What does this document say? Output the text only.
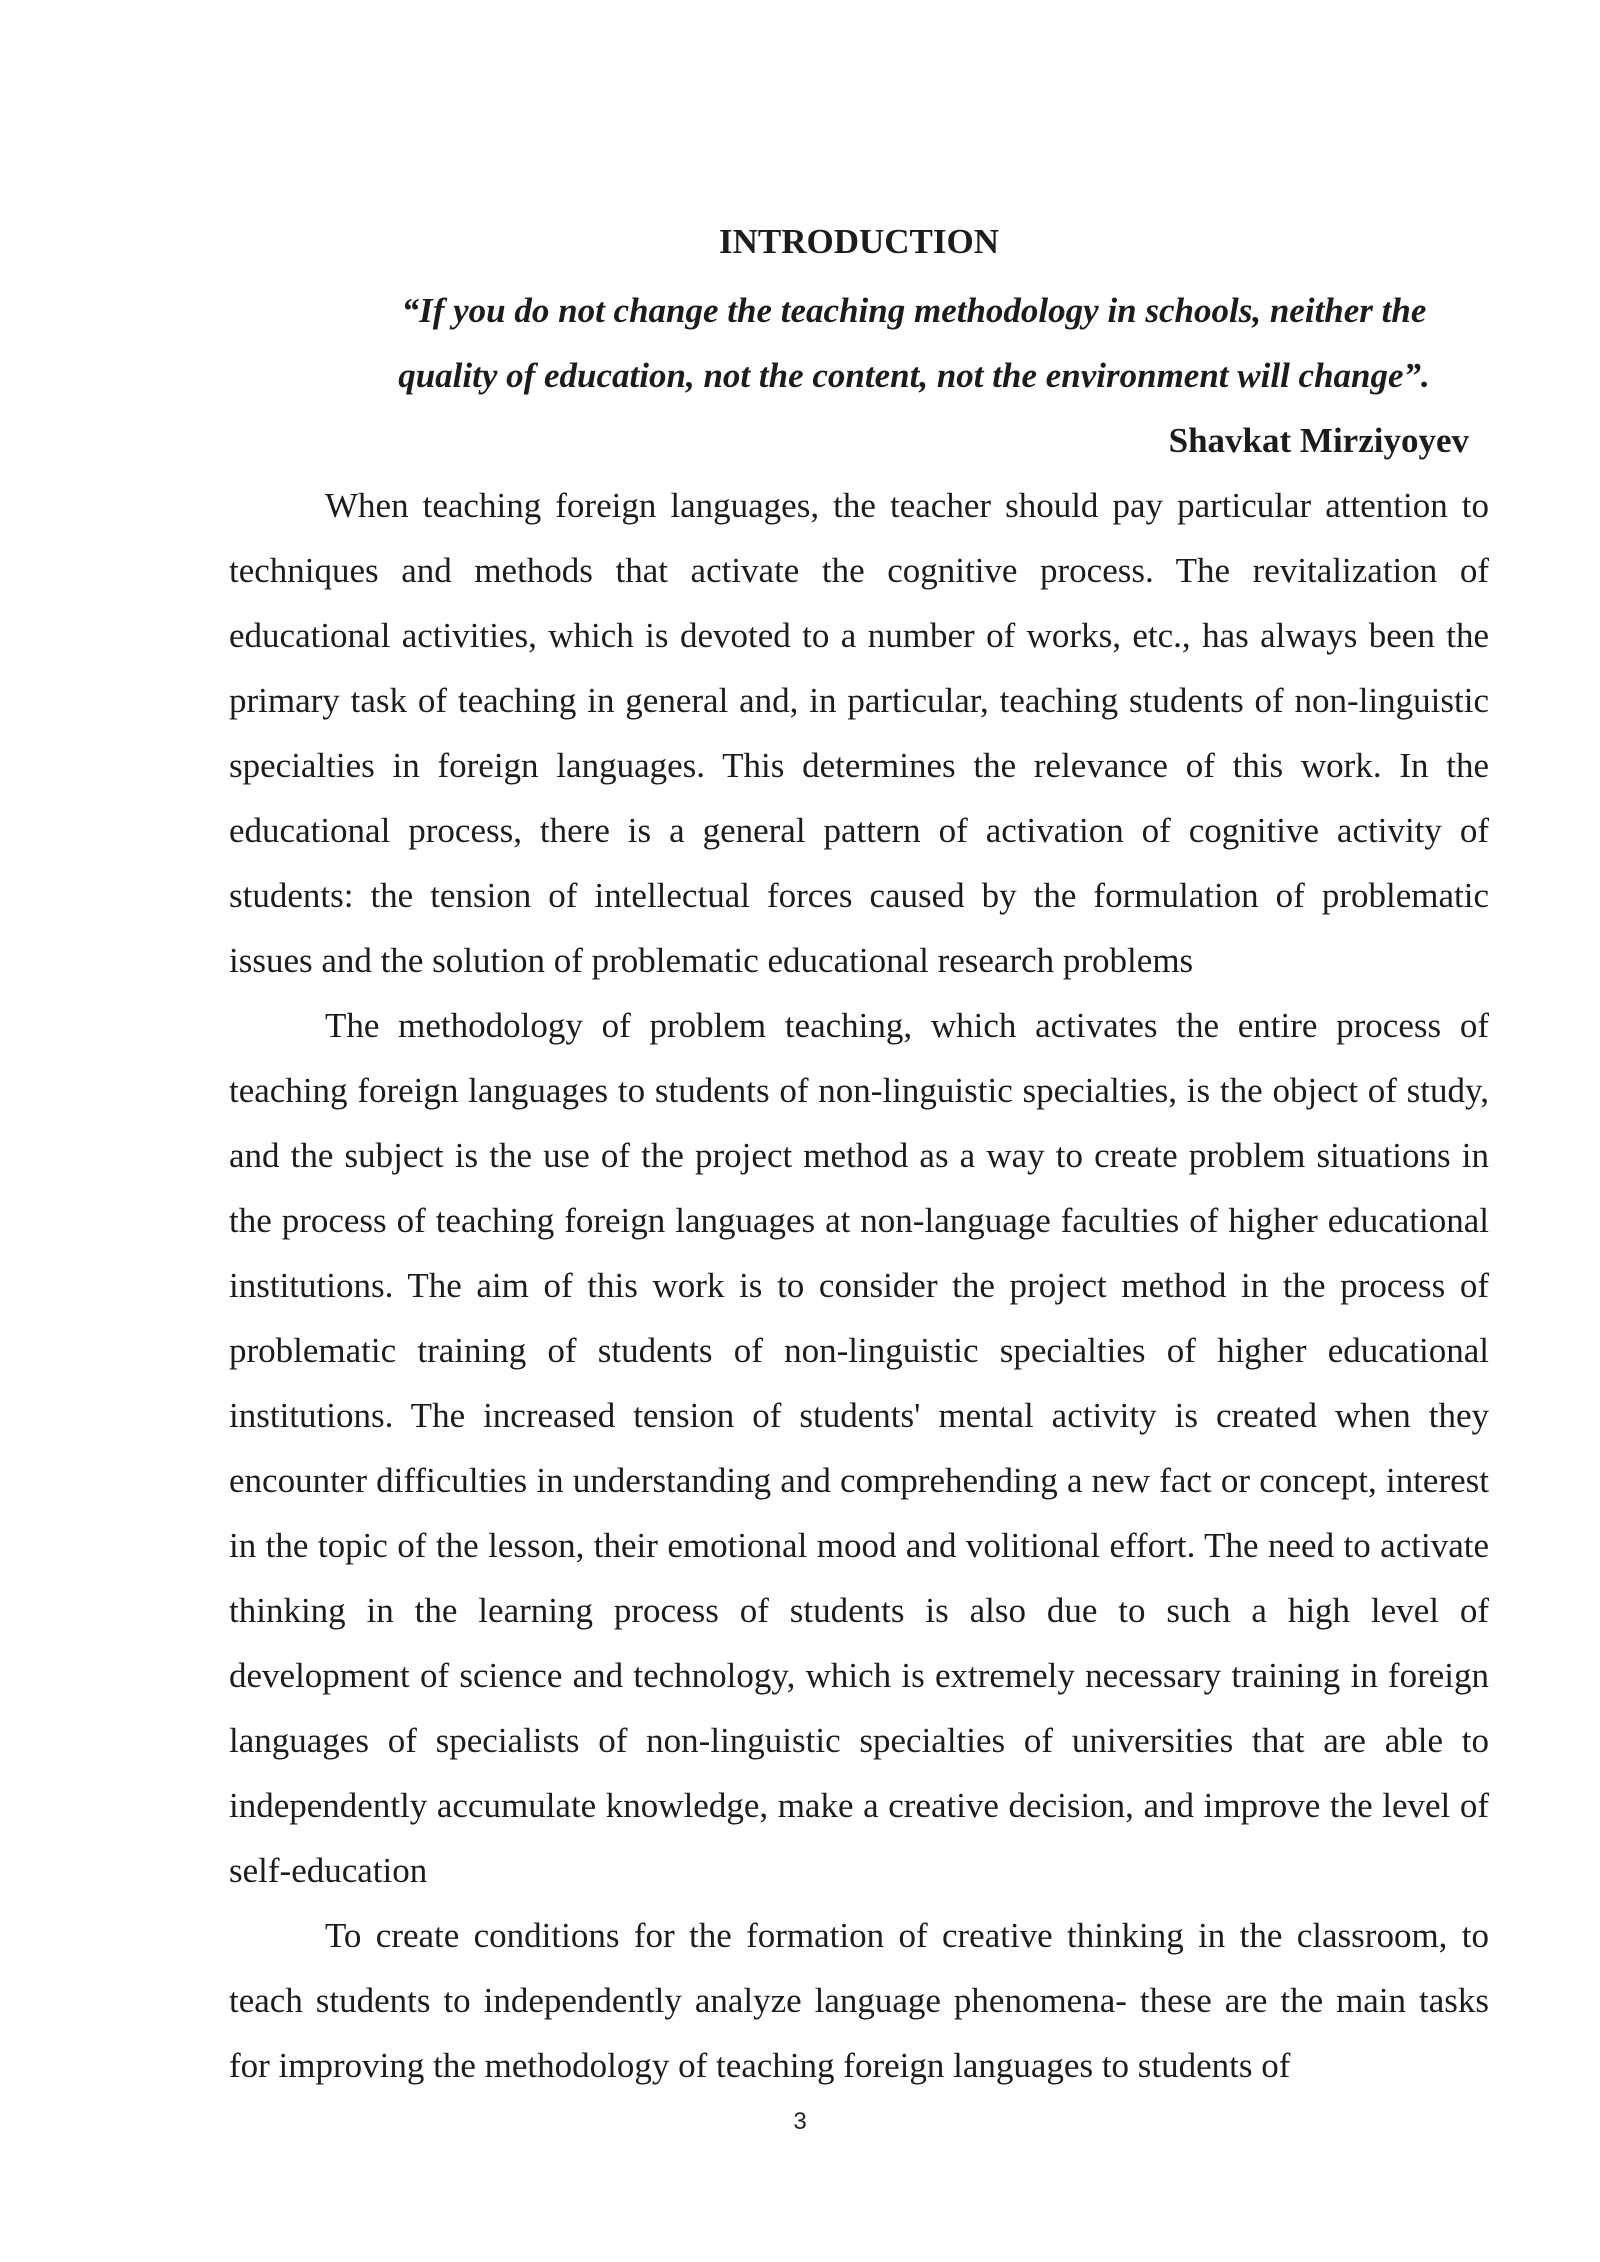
INTRODUCTION
“If you do not change the teaching methodology in schools, neither the quality of education, not the content, not the environment will change”.
Shavkat Mirziyoyev

When teaching foreign languages, the teacher should pay particular attention to techniques and methods that activate the cognitive process. The revitalization of educational activities, which is devoted to a number of works, etc., has always been the primary task of teaching in general and, in particular, teaching students of non-linguistic specialties in foreign languages. This determines the relevance of this work. In the educational process, there is a general pattern of activation of cognitive activity of students: the tension of intellectual forces caused by the formulation of problematic issues and the solution of problematic educational research problems

The methodology of problem teaching, which activates the entire process of teaching foreign languages to students of non-linguistic specialties, is the object of study, and the subject is the use of the project method as a way to create problem situations in the process of teaching foreign languages at non-language faculties of higher educational institutions. The aim of this work is to consider the project method in the process of problematic training of students of non-linguistic specialties of higher educational institutions. The increased tension of students' mental activity is created when they encounter difficulties in understanding and comprehending a new fact or concept, interest in the topic of the lesson, their emotional mood and volitional effort. The need to activate thinking in the learning process of students is also due to such a high level of development of science and technology, which is extremely necessary training in foreign languages of specialists of non-linguistic specialties of universities that are able to independently accumulate knowledge, make a creative decision, and improve the level of self-education

To create conditions for the formation of creative thinking in the classroom, to teach students to independently analyze language phenomena- these are the main tasks for improving the methodology of teaching foreign languages to students of

3
